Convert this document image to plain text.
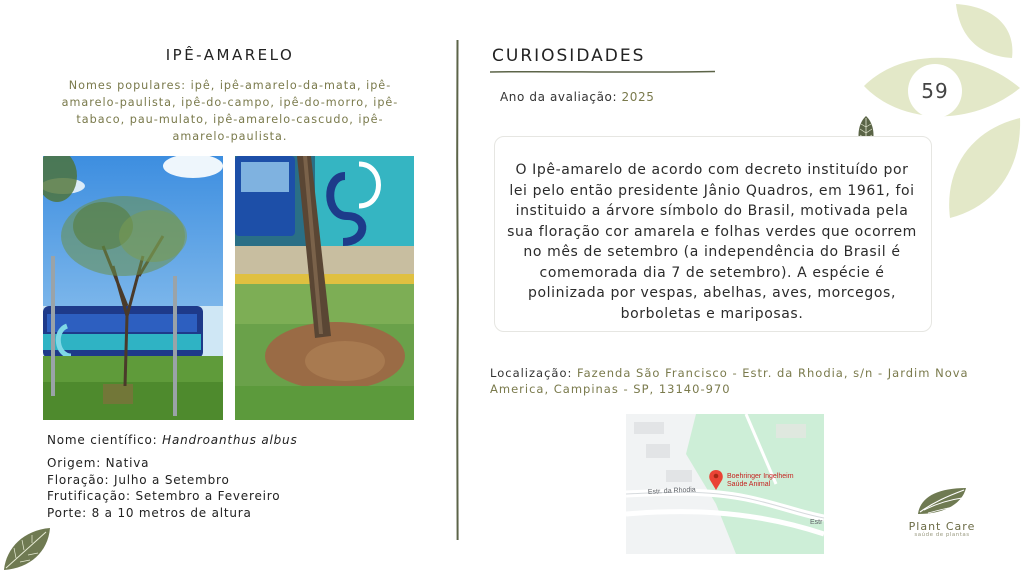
59
IPÊ-AMARELO
Nomes populares: ipê, ipê-amarelo-da-mata, ipê-amarelo-paulista, ipê-do-campo, ipê-do-morro, ipê-tabaco, pau-mulato, ipê-amarelo-cascudo, ipê-amarelo-paulista.
Nome científico: Handroanthus albus
Origem: Nativa
Floração: Julho a Setembro
Frutificação: Setembro a Fevereiro
Porte: 8 a 10 metros de altura
CURIOSIDADES
Ano da avaliação: 2025
O Ipê-amarelo de acordo com decreto instituído por lei pelo então presidente Jânio Quadros, em 1961, foi instituido a árvore símbolo do Brasil, motivada pela sua floração cor amarela e folhas verdes que ocorrem no mês de setembro (a independência do Brasil é comemorada dia 7 de setembro). A espécie é polinizada por vespas, abelhas, aves, morcegos, borboletas e mariposas.
Localização: Fazenda São Francisco - Estr. da Rhodia, s/n - Jardim Nova America, Campinas - SP, 13140-970
Estr. da Rhodia
Estr
Boehringer Ingelheim
Saúde Animal
Plant Care
saúde de plantas
